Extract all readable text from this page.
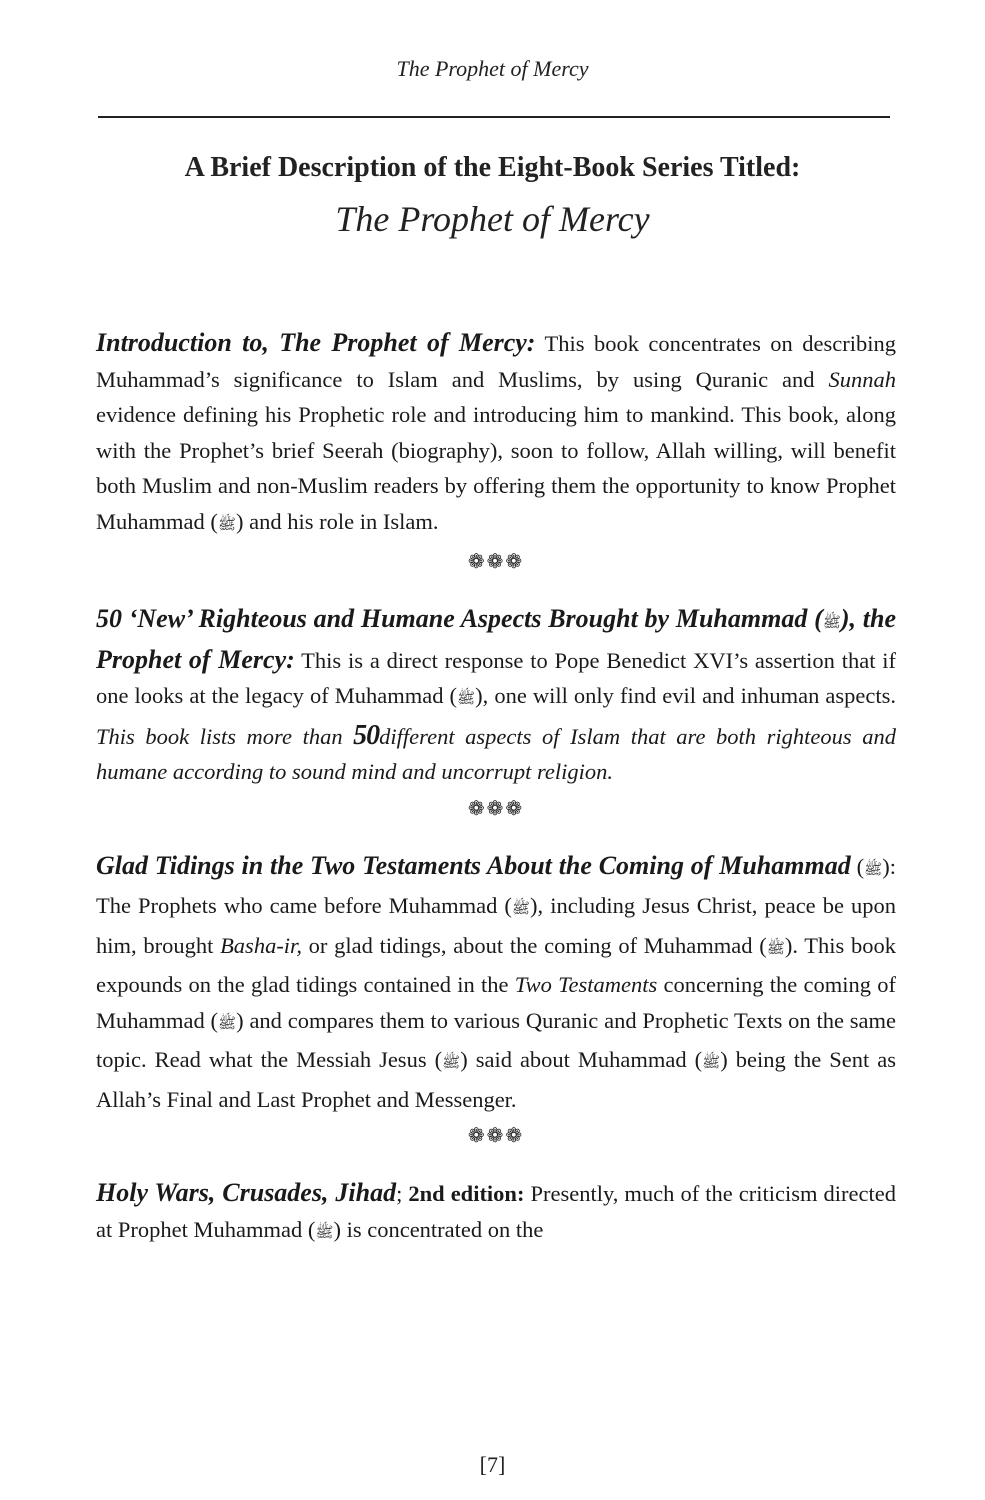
The Prophet of Mercy
A Brief Description of the Eight-Book Series Titled:
The Prophet of Mercy

Introduction to, The Prophet of Mercy: This book concentrates on describing Muhammad’s significance to Islam and Muslims, by using Quranic and Sunnah evidence defining his Prophetic role and introducing him to mankind. This book, along with the Prophet’s brief Seerah (biography), soon to follow, Allah willing, will benefit both Muslim and non-Muslim readers by offering them the opportunity to know Prophet Muhammad (ﷺ) and his role in Islam.

❁❁❁

50 ‘New’ Righteous and Humane Aspects Brought by Muhammad (ﷺ), the Prophet of Mercy: This is a direct response to Pope Benedict XVI’s assertion that if one looks at the legacy of Muhammad (ﷺ), one will only find evil and inhuman aspects. This book lists more than 50different aspects of Islam that are both righteous and humane according to sound mind and uncorrupt religion.

❁❁❁

Glad Tidings in the Two Testaments About the Coming of Muhammad (ﷺ): The Prophets who came before Muhammad (ﷺ), including Jesus Christ, peace be upon him, brought Basha-ir, or glad tidings, about the coming of Muhammad (ﷺ). This book expounds on the glad tidings contained in the Two Testaments concerning the coming of Muhammad (ﷺ) and compares them to various Quranic and Prophetic Texts on the same topic. Read what the Messiah Jesus (ﷺ) said about Muhammad (ﷺ) being the Sent as Allah’s Final and Last Prophet and Messenger.

❁❁❁

Holy Wars, Crusades, Jihad; 2nd edition: Presently, much of the criticism directed at Prophet Muhammad (ﷺ) is concentrated on the

[7]
